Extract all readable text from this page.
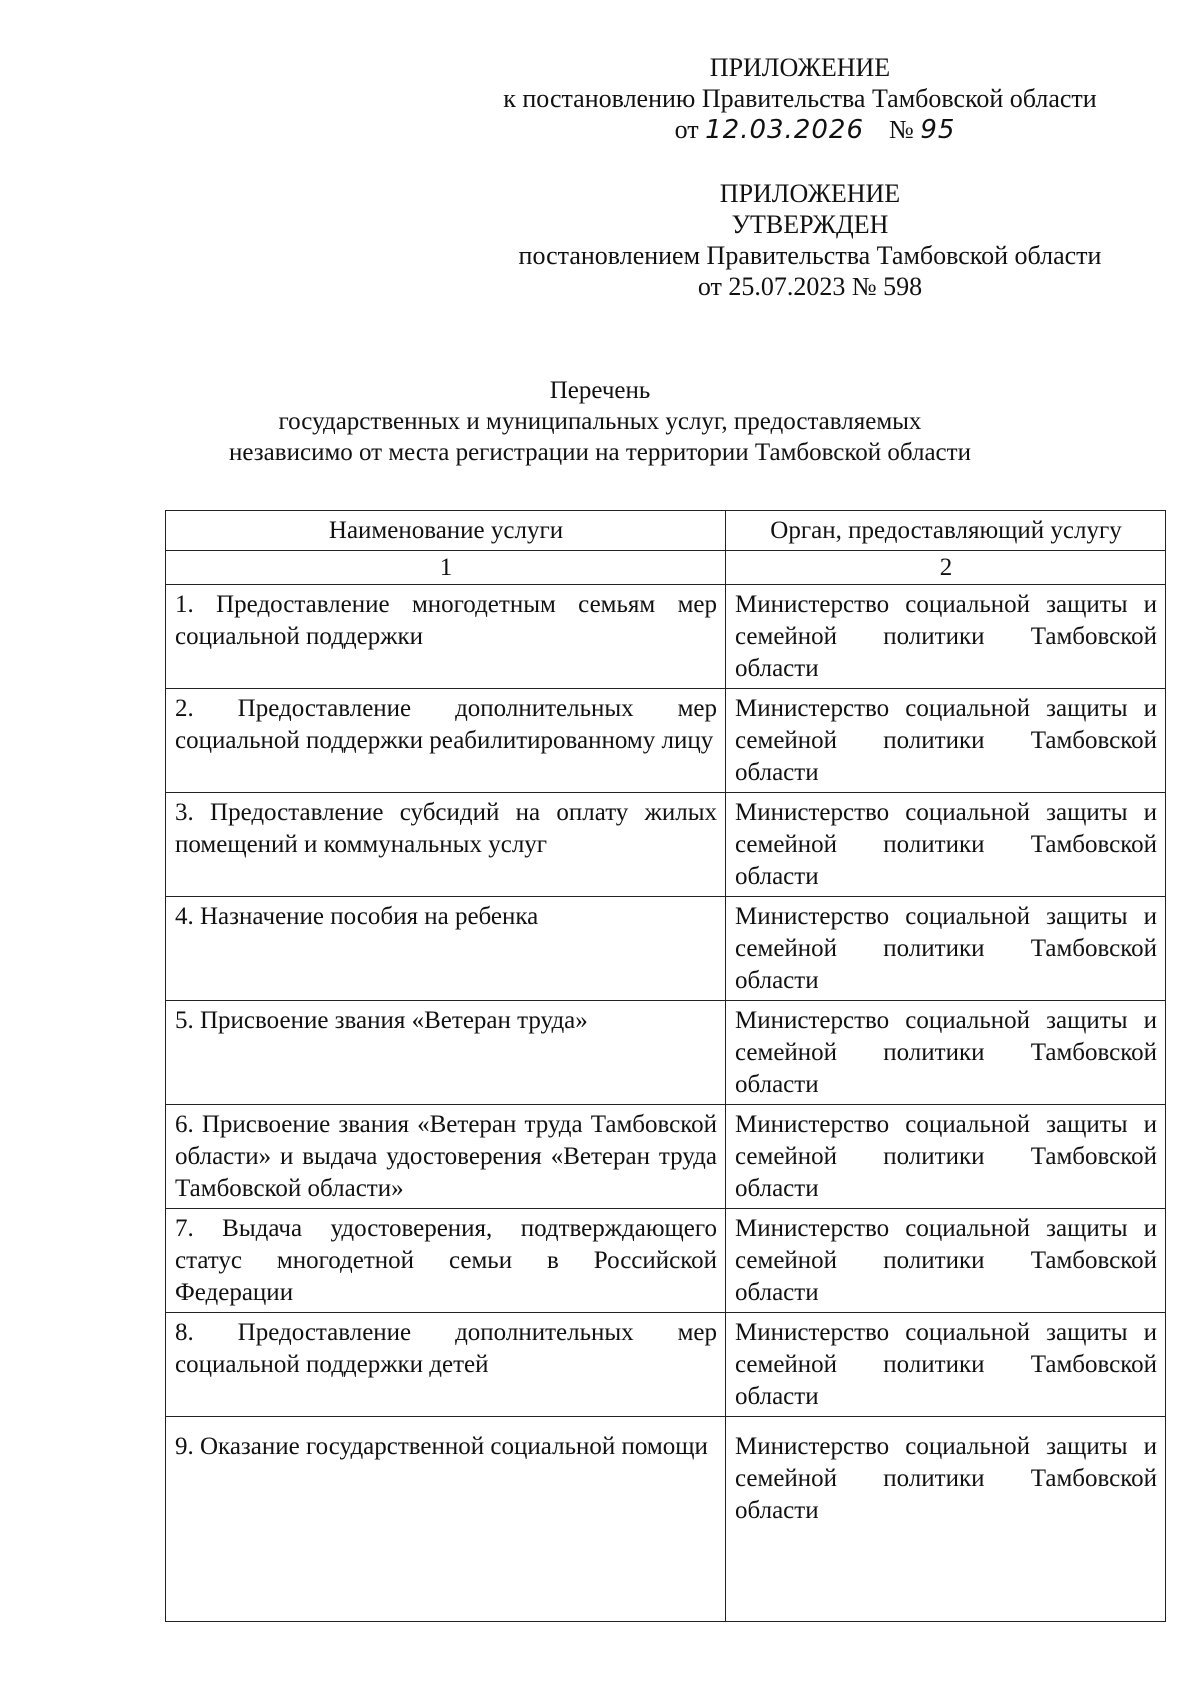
ПРИЛОЖЕНИЕ
к постановлению Правительства Тамбовской области
от 12.03.2026 № 95
ПРИЛОЖЕНИЕ
УТВЕРЖДЕН
постановлением Правительства Тамбовской области
от 25.07.2023 № 598
Перечень
государственных и муниципальных услуг, предоставляемых
независимо от места регистрации на территории Тамбовской области
Наименование услуги	Орган, предоставляющий услугу
1	2
1. Предоставление многодетным семьям мер социальной поддержки	Министерство социальной защиты и семейной политики Тамбовской области
2. Предоставление дополнительных мер социальной поддержки реабилитированному лицу	Министерство социальной защиты и семейной политики Тамбовской области
3. Предоставление субсидий на оплату жилых помещений и коммунальных услуг	Министерство социальной защиты и семейной политики Тамбовской области
4. Назначение пособия на ребенка	Министерство социальной защиты и семейной политики Тамбовской области
5. Присвоение звания «Ветеран труда»	Министерство социальной защиты и семейной политики Тамбовской области
6. Присвоение звания «Ветеран труда Тамбовской области» и выдача удостоверения «Ветеран труда Тамбовской области»	Министерство социальной защиты и семейной политики Тамбовской области
7. Выдача удостоверения, подтверждающего статус многодетной семьи в Российской Федерации	Министерство социальной защиты и семейной политики Тамбовской области
8. Предоставление дополнительных мер социальной поддержки детей	Министерство социальной защиты и семейной политики Тамбовской области
9. Оказание государственной социальной помощи	Министерство социальной защиты и семейной политики Тамбовской области
